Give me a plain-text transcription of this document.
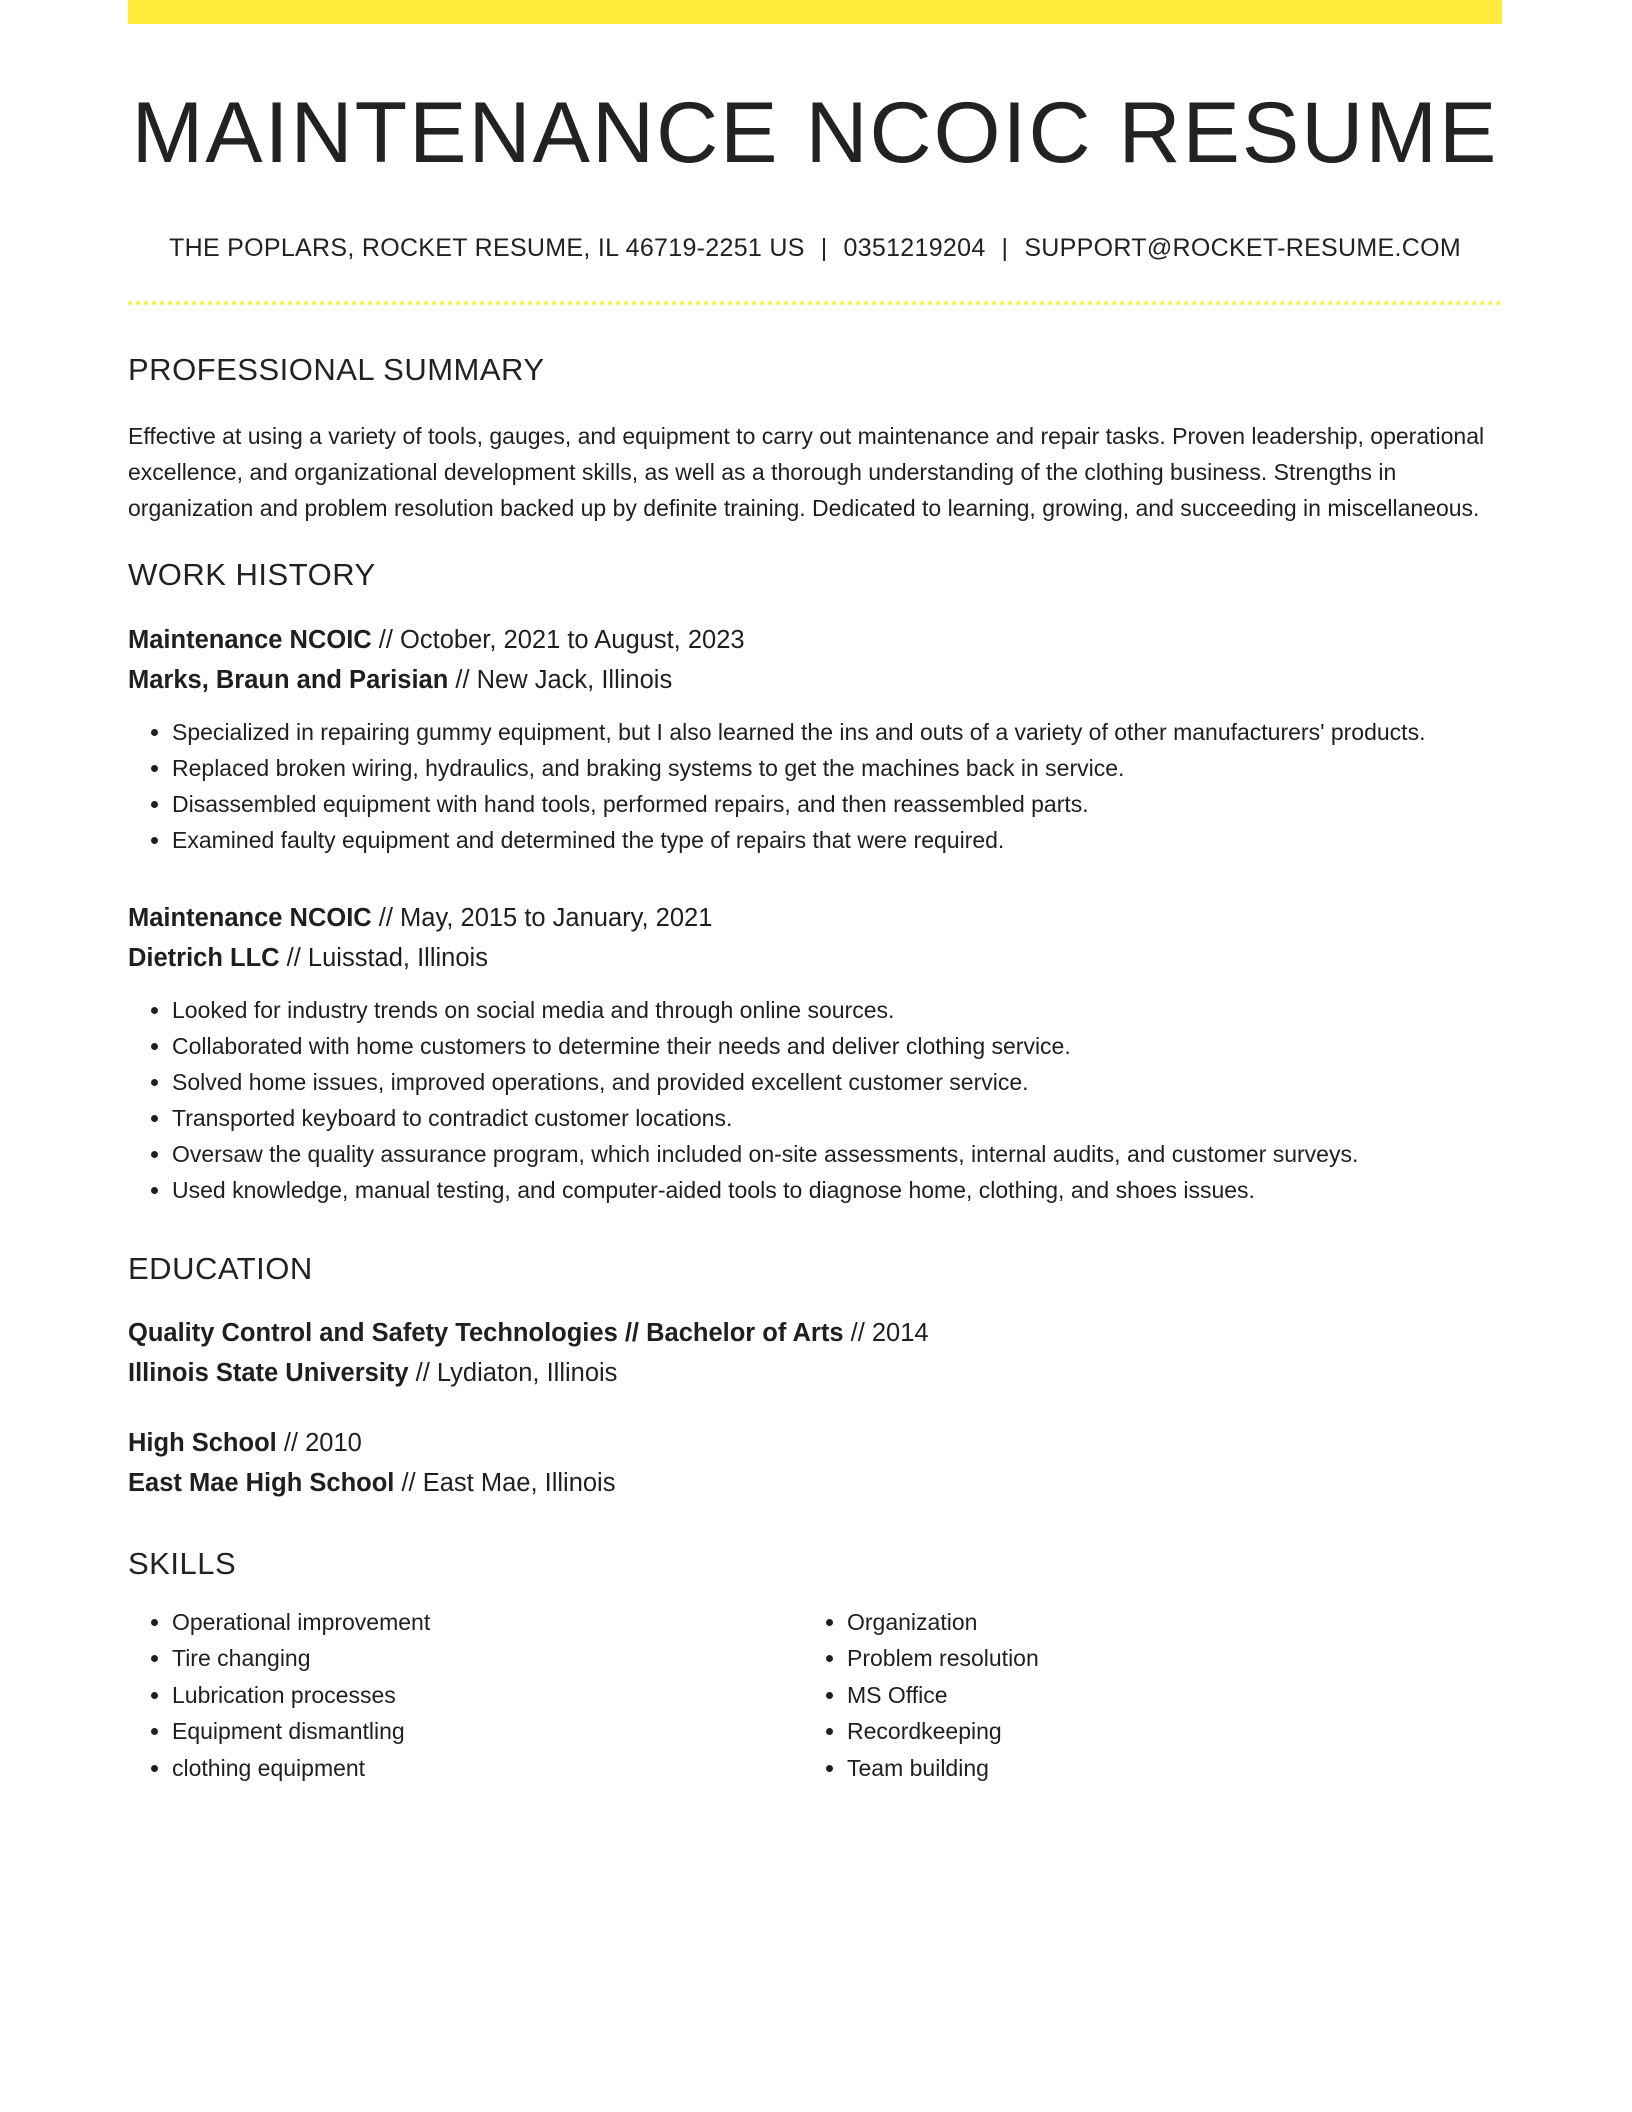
MAINTENANCE NCOIC RESUME
THE POPLARS, ROCKET RESUME, IL 46719-2251 US | 0351219204 | SUPPORT@ROCKET-RESUME.COM
PROFESSIONAL SUMMARY

Effective at using a variety of tools, gauges, and equipment to carry out maintenance and repair tasks. Proven leadership, operational excellence, and organizational development skills, as well as a thorough understanding of the clothing business. Strengths in organization and problem resolution backed up by definite training. Dedicated to learning, growing, and succeeding in miscellaneous.

WORK HISTORY
Maintenance NCOIC // October, 2021 to August, 2023
Marks, Braun and Parisian // New Jack, Illinois
• Specialized in repairing gummy equipment, but I also learned the ins and outs of a variety of other manufacturers' products.
• Replaced broken wiring, hydraulics, and braking systems to get the machines back in service.
• Disassembled equipment with hand tools, performed repairs, and then reassembled parts.
• Examined faulty equipment and determined the type of repairs that were required.
Maintenance NCOIC // May, 2015 to January, 2021
Dietrich LLC // Luisstad, Illinois
• Looked for industry trends on social media and through online sources.
• Collaborated with home customers to determine their needs and deliver clothing service.
• Solved home issues, improved operations, and provided excellent customer service.
• Transported keyboard to contradict customer locations.
• Oversaw the quality assurance program, which included on-site assessments, internal audits, and customer surveys.
• Used knowledge, manual testing, and computer-aided tools to diagnose home, clothing, and shoes issues.
EDUCATION
Quality Control and Safety Technologies // Bachelor of Arts // 2014
Illinois State University // Lydiaton, Illinois
High School // 2010
East Mae High School // East Mae, Illinois
SKILLS
• Operational improvement
• Tire changing
• Lubrication processes
• Equipment dismantling
• clothing equipment
• Organization
• Problem resolution
• MS Office
• Recordkeeping
• Team building
